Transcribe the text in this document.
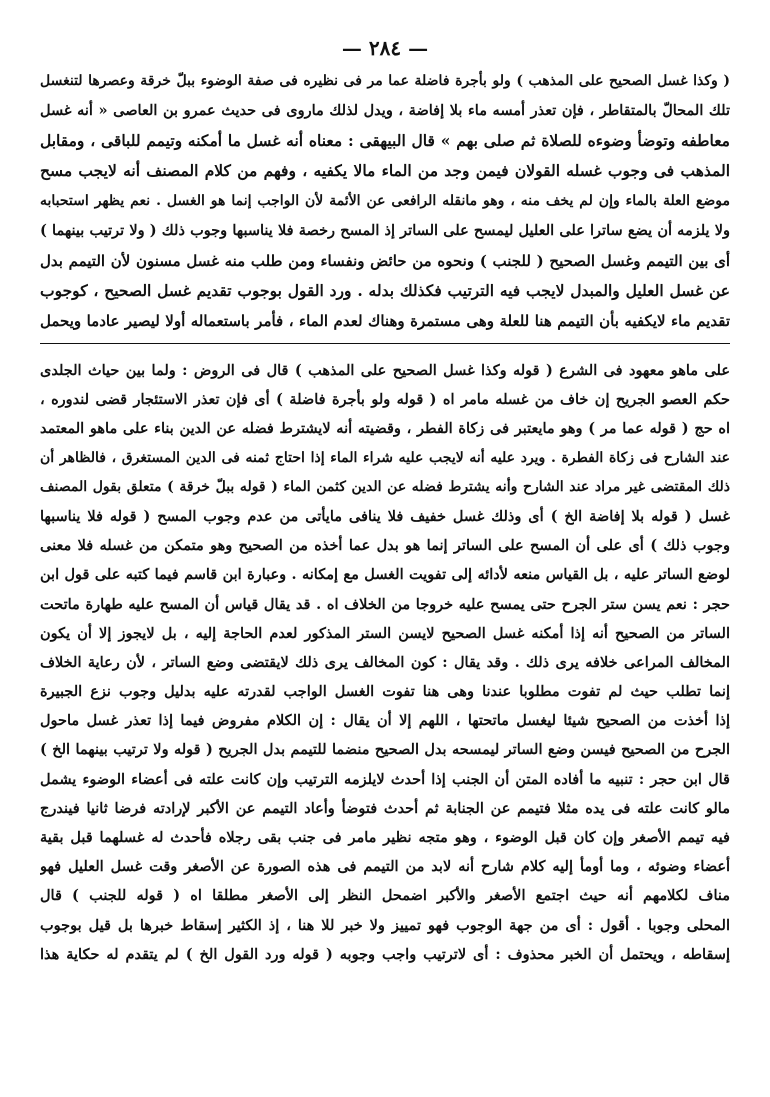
— ٢٨٤ —
( وكذا غسل الصحيح على المذهب ) ولو بأجرة فاضلة عما مر فى نظيره فى صفة الوضوء ببلّ خرقة وعصرها لتنغسل
تلك المحالّ بالمتقاطر ، فإن تعذر أمسه ماء بلا إفاضة ، ويدل لذلك ماروى فى حديث عمرو بن العاصى « أنه غسل
معاطفه وتوضأ وضوءه للصلاة ثم صلى بهم » قال البيهقى : معناه أنه غسل ما أمكنه وتيمم للباقى ، ومقابل
المذهب فى وجوب غسله القولان فيمن وجد من الماء مالا يكفيه ، وفهم من كلام المصنف أنه لايجب مسح
موضع العلة بالماء وإن لم يخف منه ، وهو مانقله الرافعى عن الأئمة لأن الواجب إنما هو الغسل . نعم يظهر استحبابه
ولا يلزمه أن يضع ساترا على العليل ليمسح على الساتر إذ المسح رخصة فلا يناسبها وجوب ذلك ( ولا ترتيب بينهما )
أى بين التيمم وغسل الصحيح ( للجنب ) ونحوه من حائض ونفساء ومن طلب منه غسل مسنون لأن التيمم بدل
عن غسل العليل والمبدل لايجب فيه الترتيب فكذلك بدله . ورد القول بوجوب تقديم غسل الصحيح ، كوجوب
تقديم ماء لايكفيه بأن التيمم هنا للعلة وهى مستمرة وهناك لعدم الماء ، فأمر باستعماله أولا ليصير عادما ويحمل
على ماهو معهود فى الشرع ( قوله وكذا غسل الصحيح على المذهب ) قال فى الروض : ولما بين حياث الجلدى
حكم العصو الجريح إن خاف من غسله مامر اه ( قوله ولو بأجرة فاضلة ) أى فإن تعذر الاستئجار قضى لندوره ،
اه حج ( قوله عما مر ) وهو مايعتبر فى زكاة الفطر ، وقضيته أنه لايشترط فضله عن الدين بناء على ماهو المعتمد
عند الشارح فى زكاة الفطرة . ويرد عليه أنه لايجب عليه شراء الماء إذا احتاج ثمنه فى الدين المستغرق ، فالظاهر أن
ذلك المقتضى غير مراد عند الشارح وأنه يشترط فضله عن الدين كثمن الماء ( قوله ببلّ خرقة ) متعلق بقول المصنف
غسل ( قوله بلا إفاضة الخ ) أى وذلك غسل خفيف فلا ينافى مايأتى من عدم وجوب المسح ( قوله فلا يناسبها
وجوب ذلك ) أى على أن المسح على الساتر إنما هو بدل عما أخذه من الصحيح وهو متمكن من غسله فلا معنى
لوضع الساتر عليه ، بل القياس منعه لأدائه إلى تفويت الغسل مع إمكانه . وعبارة ابن قاسم فيما كتبه على قول ابن
حجر : نعم يسن ستر الجرح حتى يمسح عليه خروجا من الخلاف اه . قد يقال قياس أن المسح عليه طهارة ماتحت
الساتر من الصحيح أنه إذا أمكنه غسل الصحيح لايسن الستر المذكور لعدم الحاجة إليه ، بل لايجوز إلا أن يكون
المخالف المراعى خلافه يرى ذلك . وقد يقال : كون المخالف يرى ذلك لايقتضى وضع الساتر ، لأن رعاية الخلاف
إنما تطلب حيث لم تفوت مطلوبا عندنا وهى هنا تفوت الغسل الواجب لقدرته عليه بدليل وجوب نزع الجبيرة
إذا أخذت من الصحيح شيئا ليغسل ماتحتها ، اللهم إلا أن يقال : إن الكلام مفروض فيما إذا تعذر غسل ماحول
الجرح من الصحيح فيسن وضع الساتر ليمسحه بدل الصحيح منضما للتيمم بدل الجريح ( قوله ولا ترتيب بينهما الخ )
قال ابن حجر : تنبيه ما أفاده المتن أن الجنب إذا أحدث لايلزمه الترتيب وإن كانت علته فى أعضاء الوضوء يشمل
مالو كانت علته فى يده مثلا فتيمم عن الجنابة ثم أحدث فتوضأ وأعاد التيمم عن الأكبر لإرادته فرضا ثانيا فيندرج
فيه تيمم الأصغر وإن كان قبل الوضوء ، وهو متجه نظير مامر فى جنب بقى رجلاه فأحدث له غسلهما قبل بقية
أعضاء وضوئه ، وما أومأ إليه كلام شارح أنه لابد من التيمم فى هذه الصورة عن الأصغر وقت غسل العليل فهو
مناف لكلامهم أنه حيث اجتمع الأصغر والأكبر اضمحل النظر إلى الأصغر مطلقا اه ( قوله للجنب ) قال
المحلى وجوبا . أقول : أى من جهة الوجوب فهو تمييز ولا خبر للا هنا ، إذ الكثير إسقاط خبرها بل قيل بوجوب
إسقاطه ، ويحتمل أن الخبر محذوف : أى لاترتيب واجب وجوبه ( قوله ورد القول الخ ) لم يتقدم له حكاية هذا
